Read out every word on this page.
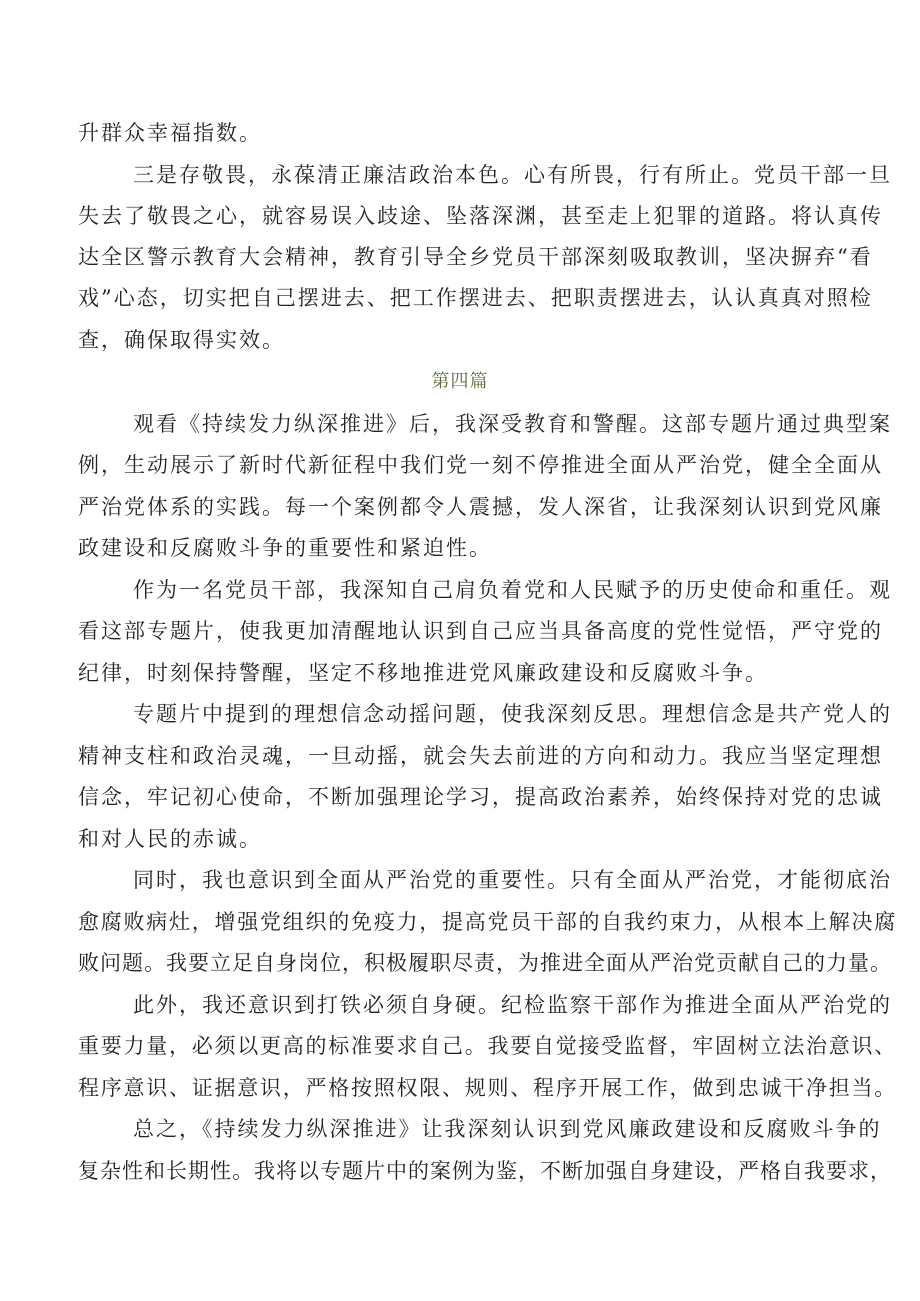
升群众幸福指数。
三是存敬畏，永葆清正廉洁政治本色。心有所畏，行有所止。党员干部一旦
失去了敬畏之心，就容易误入歧途、坠落深渊，甚至走上犯罪的道路。将认真传
达全区警示教育大会精神，教育引导全乡党员干部深刻吸取教训，坚决摒弃“看
戏”心态，切实把自己摆进去、把工作摆进去、把职责摆进去，认认真真对照检
查，确保取得实效。
第四篇
观看《持续发力纵深推进》后，我深受教育和警醒。这部专题片通过典型案
例，生动展示了新时代新征程中我们党一刻不停推进全面从严治党，健全全面从
严治党体系的实践。每一个案例都令人震撼，发人深省，让我深刻认识到党风廉
政建设和反腐败斗争的重要性和紧迫性。
作为一名党员干部，我深知自己肩负着党和人民赋予的历史使命和重任。观
看这部专题片，使我更加清醒地认识到自己应当具备高度的党性觉悟，严守党的
纪律，时刻保持警醒，坚定不移地推进党风廉政建设和反腐败斗争。
专题片中提到的理想信念动摇问题，使我深刻反思。理想信念是共产党人的
精神支柱和政治灵魂，一旦动摇，就会失去前进的方向和动力。我应当坚定理想
信念，牢记初心使命，不断加强理论学习，提高政治素养，始终保持对党的忠诚
和对人民的赤诚。
同时，我也意识到全面从严治党的重要性。只有全面从严治党，才能彻底治
愈腐败病灶，增强党组织的免疫力，提高党员干部的自我约束力，从根本上解决腐
败问题。我要立足自身岗位，积极履职尽责，为推进全面从严治党贡献自己的力量。
此外，我还意识到打铁必须自身硬。纪检监察干部作为推进全面从严治党的
重要力量，必须以更高的标准要求自己。我要自觉接受监督，牢固树立法治意识、
程序意识、证据意识，严格按照权限、规则、程序开展工作，做到忠诚干净担当。
总之，《持续发力纵深推进》让我深刻认识到党风廉政建设和反腐败斗争的
复杂性和长期性。我将以专题片中的案例为鉴，不断加强自身建设，严格自我要求，
